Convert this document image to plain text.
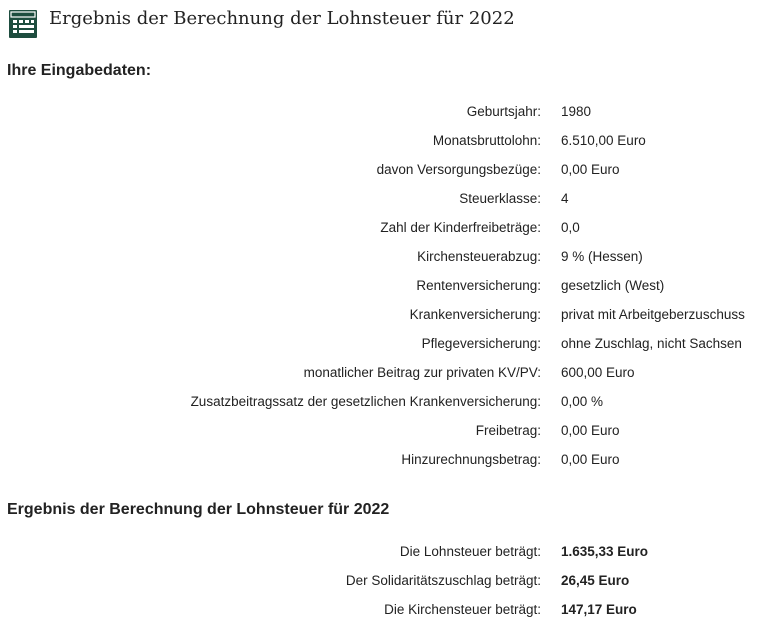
Ergebnis der Berechnung der Lohnsteuer für 2022
Ihre Eingabedaten:
Geburtsjahr: 1980
Monatsbruttolohn: 6.510,00 Euro
davon Versorgungsbezüge: 0,00 Euro
Steuerklasse: 4
Zahl der Kinderfreibeträge: 0,0
Kirchensteuerabzug: 9 % (Hessen)
Rentenversicherung: gesetzlich (West)
Krankenversicherung: privat mit Arbeitgeberzuschuss
Pflegeversicherung: ohne Zuschlag, nicht Sachsen
monatlicher Beitrag zur privaten KV/PV: 600,00 Euro
Zusatzbeitragssatz der gesetzlichen Krankenversicherung: 0,00 %
Freibetrag: 0,00 Euro
Hinzurechnungsbetrag: 0,00 Euro
Ergebnis der Berechnung der Lohnsteuer für 2022
Die Lohnsteuer beträgt: 1.635,33 Euro
Der Solidaritätszuschlag beträgt: 26,45 Euro
Die Kirchensteuer beträgt: 147,17 Euro
